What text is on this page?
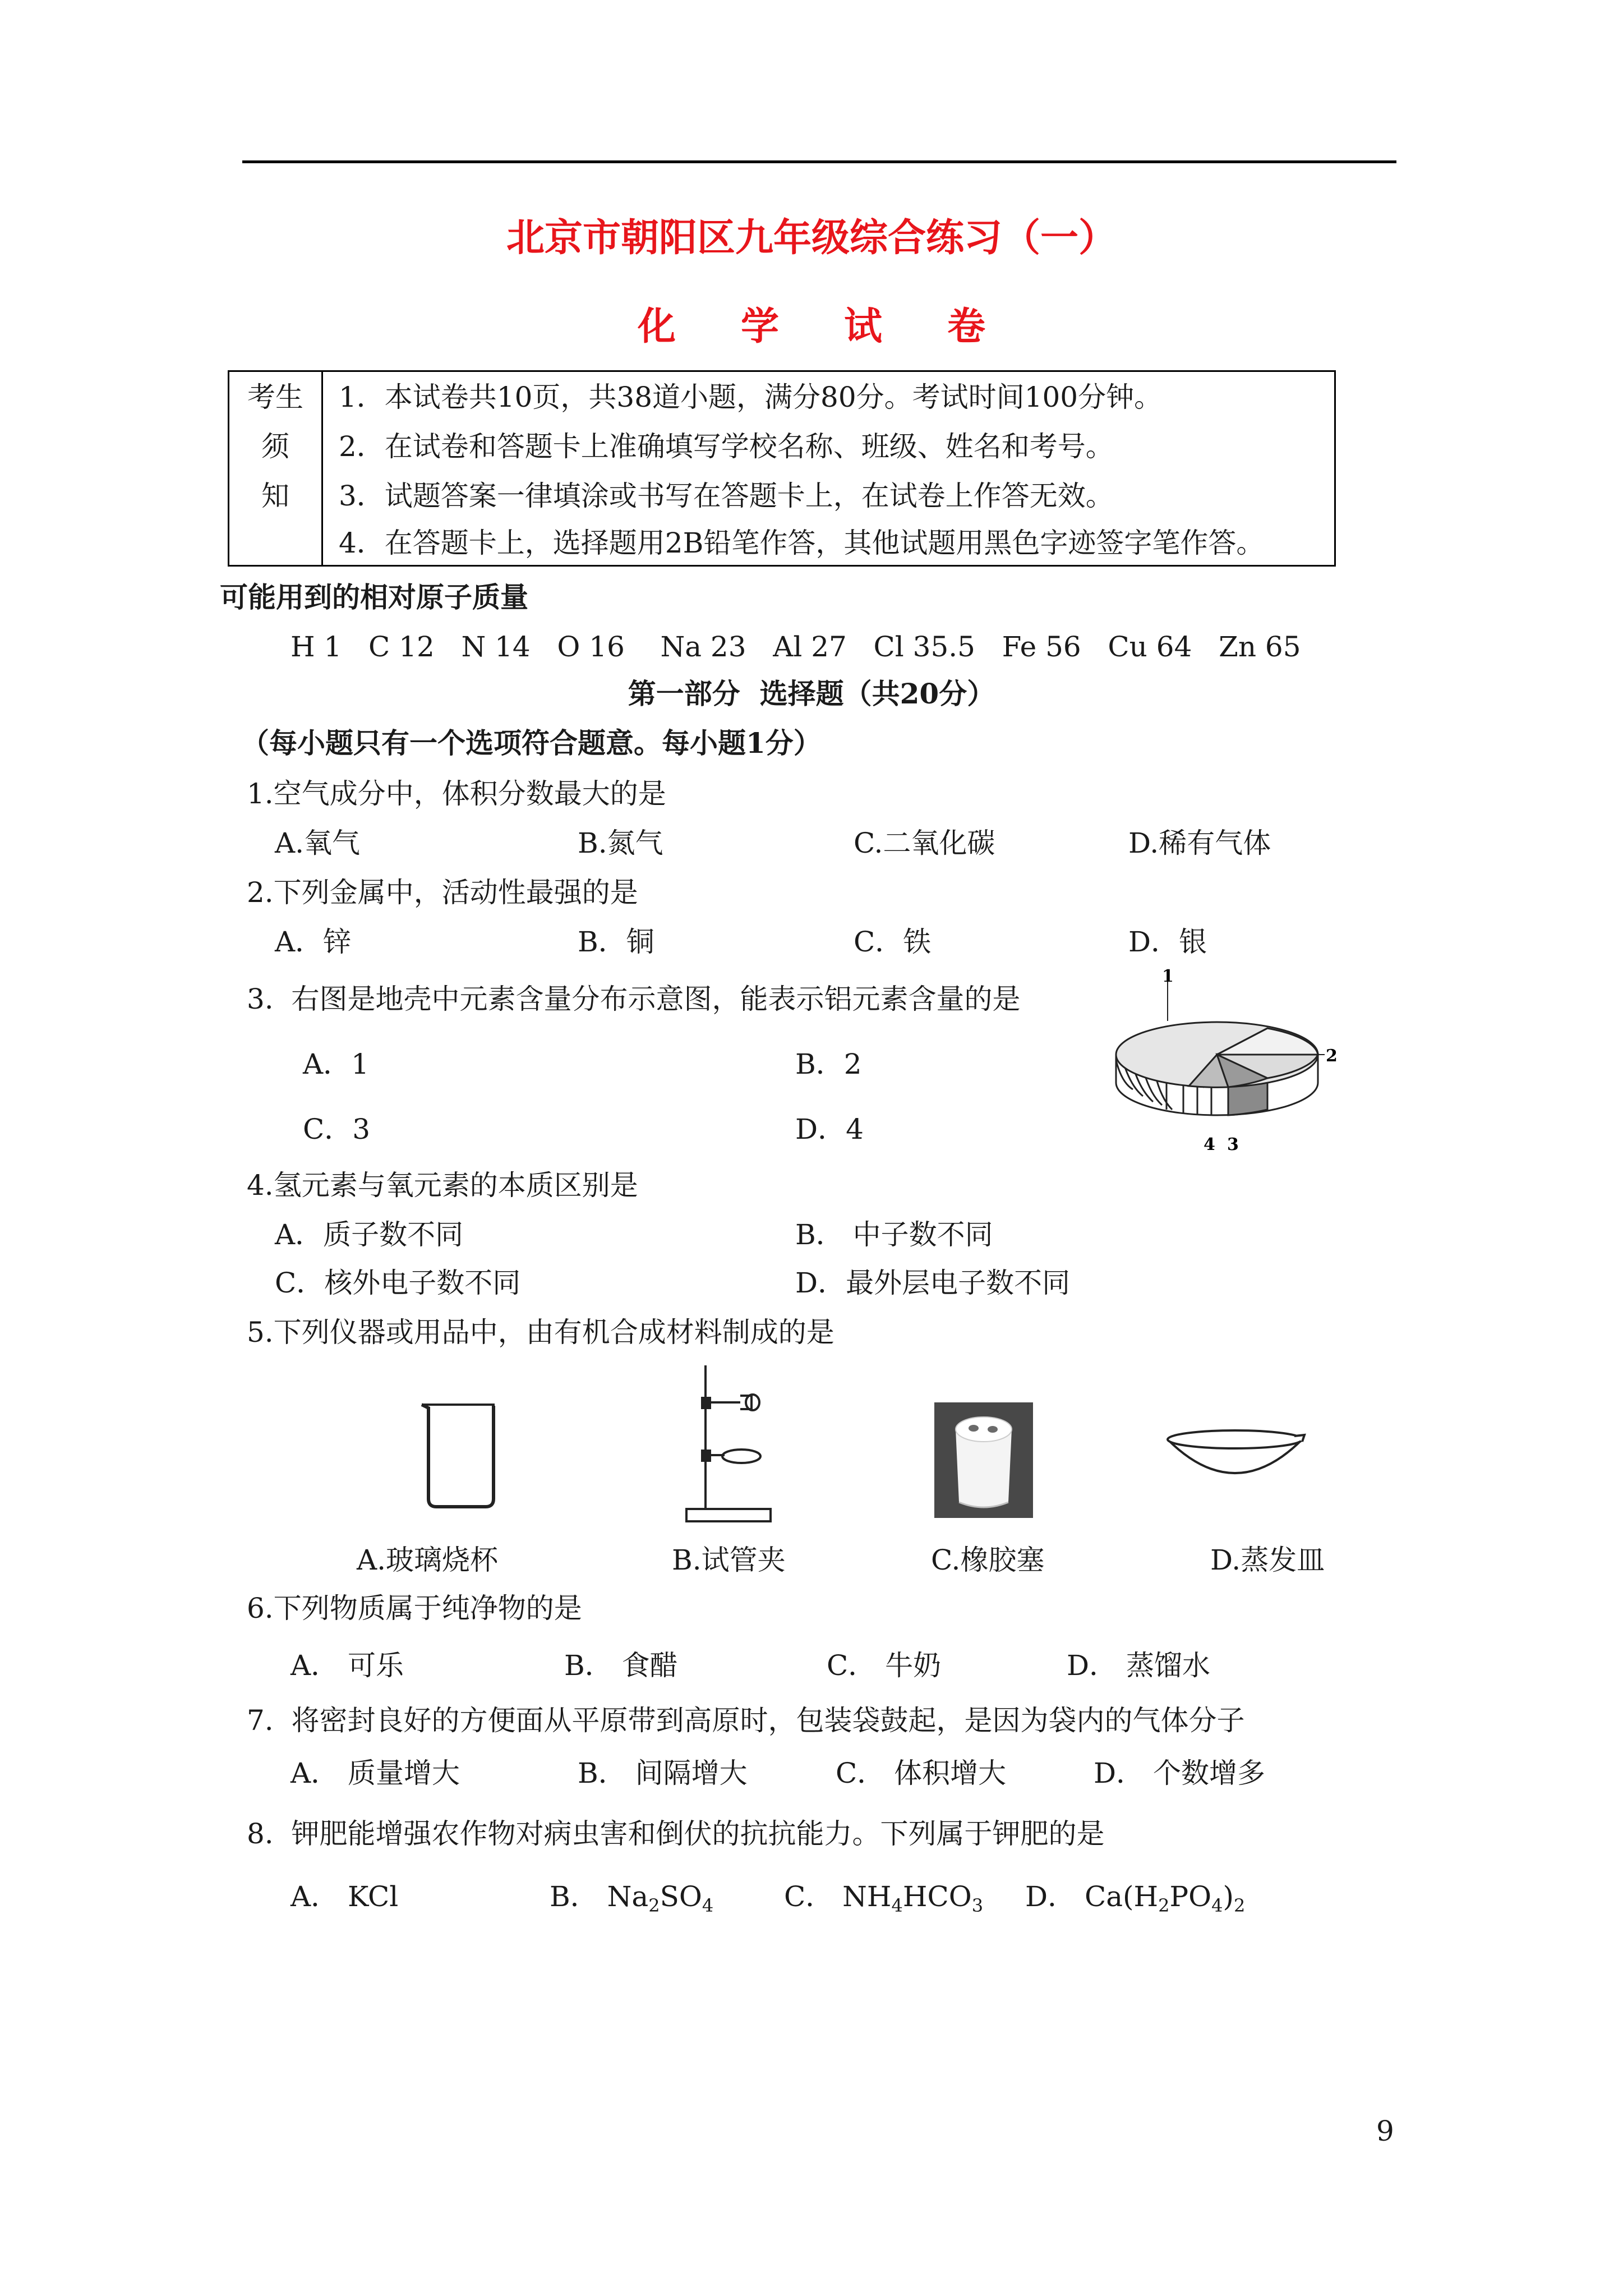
北京市朝阳区九年级综合练习（一）
化 学 试 卷
考生
须
知
1．本试卷共10页，共38道小题，满分80分。考试时间100分钟。
2．在试卷和答题卡上准确填写学校名称、班级、姓名和考号。
3．试题答案一律填涂或书写在答题卡上，在试卷上作答无效。
4．在答题卡上，选择题用2B铅笔作答，其他试题用黑色字迹签字笔作答。
可能用到的相对原子质量
H 1   C 12   N 14   O 16    Na 23   Al 27   Cl 35.5   Fe 56   Cu 64   Zn 65
第一部分  选择题（共20分）
（每小题只有一个选项符合题意。每小题1分）
1.空气成分中，体积分数最大的是
A.氧气	B.氮气	C.二氧化碳	D.稀有气体
2.下列金属中，活动性最强的是
A．锌	B．铜	C．铁	D．银
3.  右图是地壳中元素含量分布示意图，能表示铝元素含量的是
A．1	B．2
C．3	D．4
1
2
4 3
4.氢元素与氧元素的本质区别是
A．质子数不同	B． 中子数不同
C．核外电子数不同	D．最外层电子数不同
5.下列仪器或用品中，由有机合成材料制成的是
A.玻璃烧杯	B.试管夹	C.橡胶塞	D.蒸发皿
6.下列物质属于纯净物的是
A． 可乐	B． 食醋	C． 牛奶	D． 蒸馏水
7.  将密封良好的方便面从平原带到高原时，包装袋鼓起，是因为袋内的气体分子
A． 质量增大	B． 间隔增大	C． 体积增大	D． 个数增多
8.  钾肥能增强农作物对病虫害和倒伏的抗抗能力。下列属于钾肥的是
A． KCl	B． $Na_2SO_4$	C． $NH_4HCO_3$ D． $Ca(H_2PO_4)_2$
9
